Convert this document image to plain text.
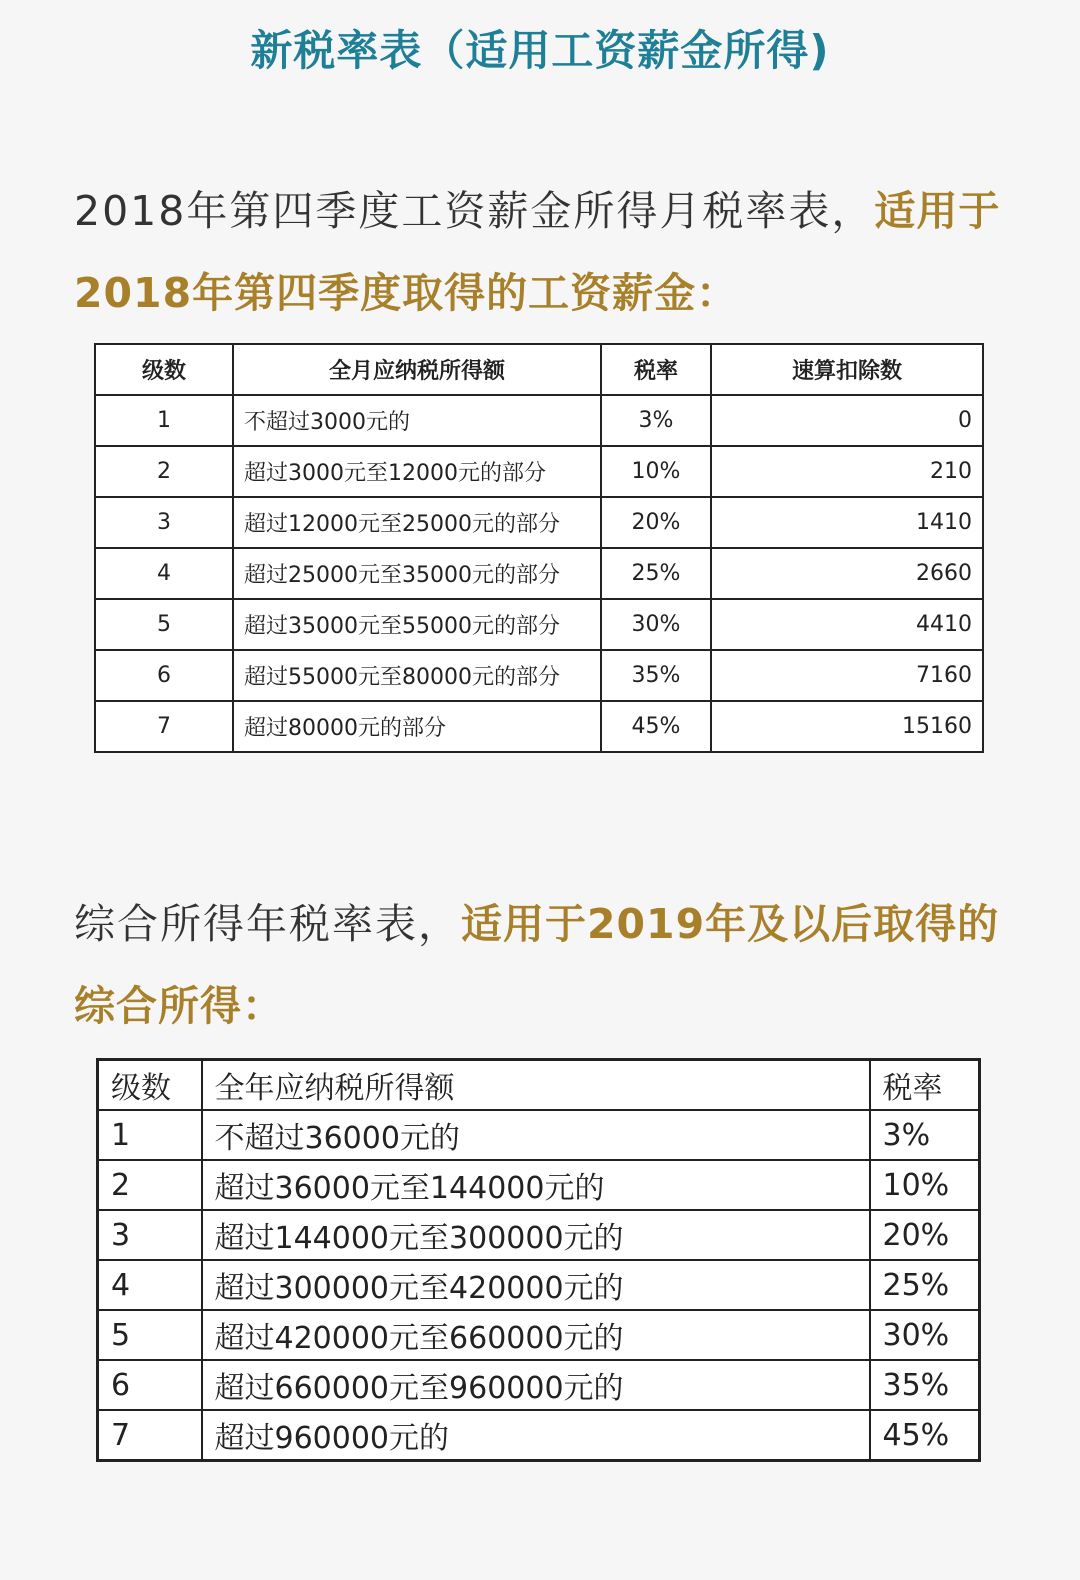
新税率表（适用工资薪金所得)
2018年第四季度工资薪金所得月税率表，适用于2018年第四季度取得的工资薪金：
级数	全月应纳税所得额	税率	速算扣除数
1	不超过3000元的	3%	0
2	超过3000元至12000元的部分	10%	210
3	超过12000元至25000元的部分	20%	1410
4	超过25000元至35000元的部分	25%	2660
5	超过35000元至55000元的部分	30%	4410
6	超过55000元至80000元的部分	35%	7160
7	超过80000元的部分	45%	15160
综合所得年税率表，适用于2019年及以后取得的综合所得：
级数	全年应纳税所得额	税率
1	不超过36000元的	3%
2	超过36000元至144000元的	10%
3	超过144000元至300000元的	20%
4	超过300000元至420000元的	25%
5	超过420000元至660000元的	30%
6	超过660000元至960000元的	35%
7	超过960000元的	45%
